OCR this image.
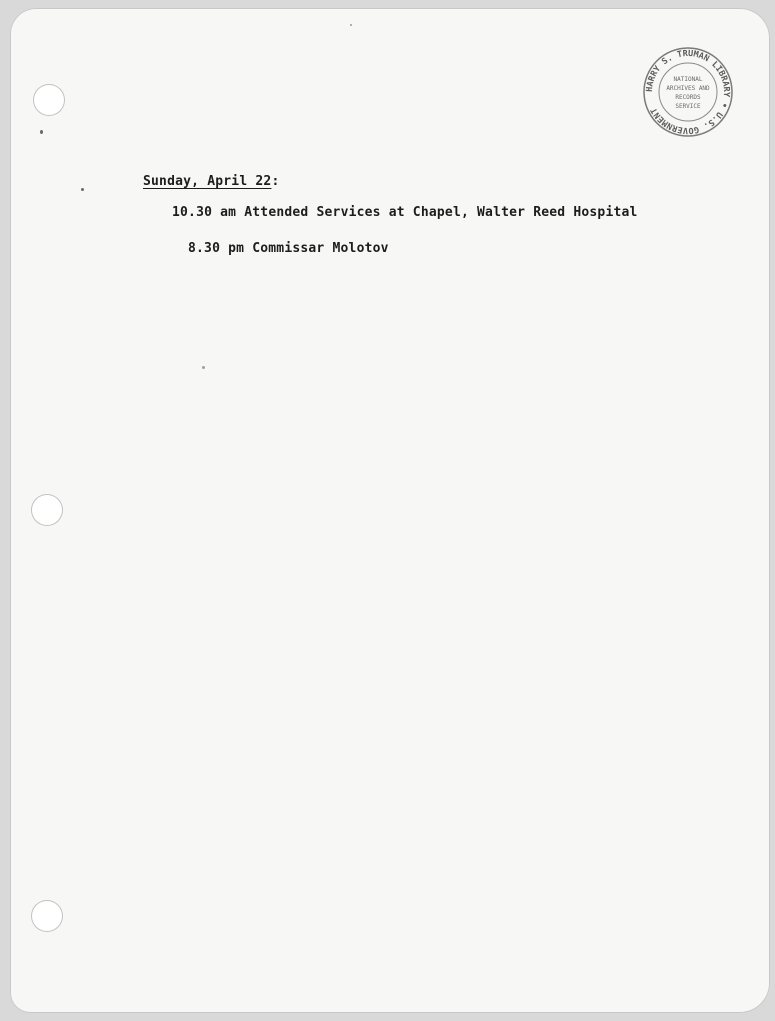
HARRY S. TRUMAN LIBRARY • U.S. GOVERNMENT
NATIONAL
ARCHIVES AND
RECORDS
SERVICE
Sunday, April 22:
10.30 am Attended Services at Chapel, Walter Reed Hospital
8.30 pm Commissar Molotov
